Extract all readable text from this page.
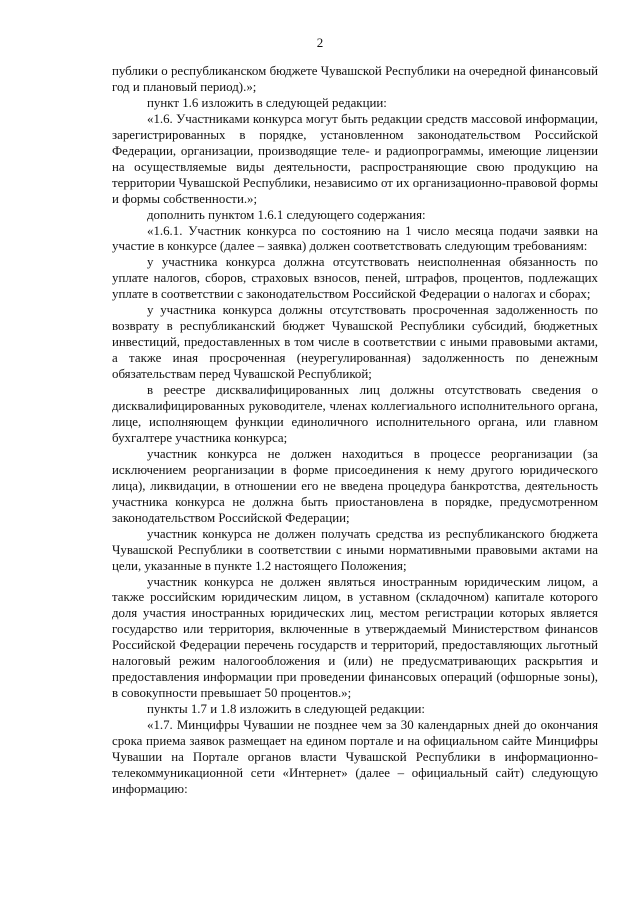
2

публики о республиканском бюджете Чувашской Республики на очередной финансовый год и плановый период).»;

пункт 1.6 изложить в следующей редакции:

«1.6. Участниками конкурса могут быть редакции средств массовой информации, зарегистрированных в порядке, установленном законодательством Российской Федерации, организации, производящие теле- и радиопрограммы, имеющие лицензии на осуществляемые виды деятельности, распространяющие свою продукцию на территории Чувашской Республики, независимо от их организационно-правовой формы и формы собственности.»;

дополнить пунктом 1.6.1 следующего содержания:

«1.6.1. Участник конкурса по состоянию на 1 число месяца подачи заявки на участие в конкурсе (далее – заявка) должен соответствовать следующим требованиям:

у участника конкурса должна отсутствовать неисполненная обязанность по уплате налогов, сборов, страховых взносов, пеней, штрафов, процентов, подлежащих уплате в соответствии с законодательством Российской Федерации о налогах и сборах;

у участника конкурса должны отсутствовать просроченная задолженность по возврату в республиканский бюджет Чувашской Республики субсидий, бюджетных инвестиций, предоставленных в том числе в соответствии с иными правовыми актами, а также иная просроченная (неурегулированная) задолженность по денежным обязательствам перед Чувашской Республикой;

в реестре дисквалифицированных лиц должны отсутствовать сведения о дисквалифицированных руководителе, членах коллегиального исполнительного органа, лице, исполняющем функции единоличного исполнительного органа, или главном бухгалтере участника конкурса;

участник конкурса не должен находиться в процессе реорганизации (за исключением реорганизации в форме присоединения к нему другого юридического лица), ликвидации, в отношении его не введена процедура банкротства, деятельность участника конкурса не должна быть приостановлена в порядке, предусмотренном законодательством Российской Федерации;

участник конкурса не должен получать средства из республиканского бюджета Чувашской Республики в соответствии с иными нормативными правовыми актами на цели, указанные в пункте 1.2 настоящего Положения;

участник конкурса не должен являться иностранным юридическим лицом, а также российским юридическим лицом, в уставном (складочном) капитале которого доля участия иностранных юридических лиц, местом регистрации которых является государство или территория, включенные в утверждаемый Министерством финансов Российской Федерации перечень государств и территорий, предоставляющих льготный налоговый режим налогообложения и (или) не предусматривающих раскрытия и предоставления информации при проведении финансовых операций (офшорные зоны), в совокупности превышает 50 процентов.»;

пункты 1.7 и 1.8 изложить в следующей редакции:

«1.7. Минцифры Чувашии не позднее чем за 30 календарных дней до окончания срока приема заявок размещает на едином портале и на официальном сайте Минцифры Чувашии на Портале органов власти Чувашской Республики в информационно-телекоммуникационной сети «Интернет» (далее – официальный сайт) следующую информацию:
